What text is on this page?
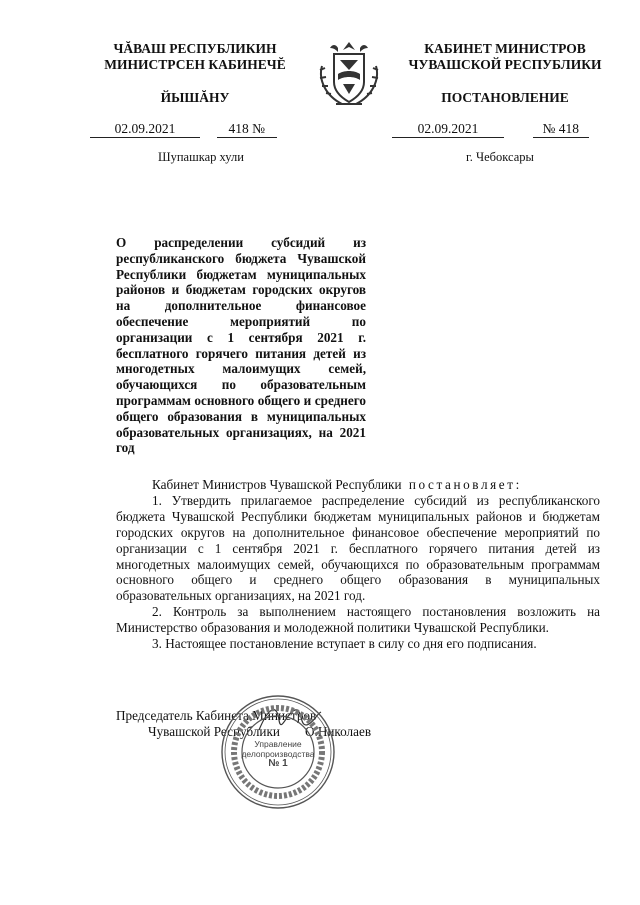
ЧĂВАШ РЕСПУБЛИКИН
МИНИСТРСЕН КАБИНЕЧĔ
ЙЫШĂНУ
КАБИНЕТ МИНИСТРОВ
ЧУВАШСКОЙ РЕСПУБЛИКИ
ПОСТАНОВЛЕНИЕ
02.09.2021	418 №	02.09.2021	№ 418
Шупашкар хули	г. Чебоксары
О распределении субсидий из республиканского бюджета Чувашской Республики бюджетам муниципальных районов и бюджетам городских округов на дополнительное финансовое обеспечение мероприятий по организации с 1 сентября 2021 г. бесплатного горячего питания детей из многодетных малоимущих семей, обучающихся по образовательным программам основного общего и среднего общего образования в муниципальных образовательных организациях, на 2021 год

Кабинет Министров Чувашской Республики постановляет:

1. Утвердить прилагаемое распределение субсидий из республиканского бюджета Чувашской Республики бюджетам муниципальных районов и бюджетам городских округов на дополнительное финансовое обеспечение мероприятий по организации с 1 сентября 2021 г. бесплатного горячего питания детей из многодетных малоимущих семей, обучающихся по образовательным программам основного общего и среднего общего образования в муниципальных образовательных организациях, на 2021 год.

2. Контроль за выполнением настоящего постановления возложить на Министерство образования и молодежной политики Чувашской Республики.

3. Настоящее постановление вступает в силу со дня его подписания.

Председатель Кабинета Министров
Чувашской Республики О.Николаев
Управление
делопроизводства
№ 1
